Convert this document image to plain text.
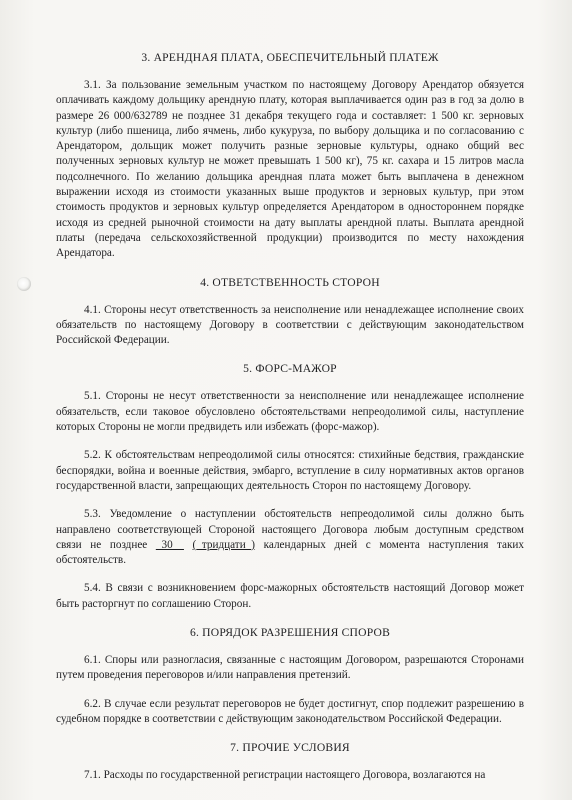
3. АРЕНДНАЯ ПЛАТА, ОБЕСПЕЧИТЕЛЬНЫЙ ПЛАТЕЖ

3.1. За пользование земельным участком по настоящему Договору Арендатор обязуется оплачивать каждому дольщику арендную плату, которая выплачивается один раз в год за долю в размере 26 000/632789 не позднее 31 декабря текущего года и составляет: 1 500 кг. зерновых культур (либо пшеница, либо ячмень, либо кукуруза, по выбору дольщика и по согласованию с Арендатором, дольщик может получить разные зерновые культуры, однако общий вес полученных зерновых культур не может превышать 1 500 кг), 75 кг. сахара и 15 литров масла подсолнечного. По желанию дольщика арендная плата может быть выплачена в денежном выражении исходя из стоимости указанных выше продуктов и зерновых культур, при этом стоимость продуктов и зерновых культур определяется Арендатором в одностороннем порядке исходя из средней рыночной стоимости на дату выплаты арендной платы. Выплата арендной платы (передача сельскохозяйственной продукции) производится по месту нахождения Арендатора.

4. ОТВЕТСТВЕННОСТЬ СТОРОН

4.1. Стороны несут ответственность за неисполнение или ненадлежащее исполнение своих обязательств по настоящему Договору в соответствии с действующим законодательством Российской Федерации.

5. ФОРС-МАЖОР

5.1. Стороны не несут ответственности за неисполнение или ненадлежащее исполнение обязательств, если таковое обусловлено обстоятельствами непреодолимой силы, наступление которых Стороны не могли предвидеть или избежать (форс-мажор).

5.2. К обстоятельствам непреодолимой силы относятся: стихийные бедствия, гражданские беспорядки, война и военные действия, эмбарго, вступление в силу нормативных актов органов государственной власти, запрещающих деятельность Сторон по настоящему Договору.

5.3. Уведомление о наступлении обстоятельств непреодолимой силы должно быть направлено соответствующей Стороной настоящего Договора любым доступным средством связи не позднее _30__ (_тридцати_) календарных дней с момента наступления таких обстоятельств.

5.4. В связи с возникновением форс-мажорных обстоятельств настоящий Договор может быть расторгнут по соглашению Сторон.

6. ПОРЯДОК РАЗРЕШЕНИЯ СПОРОВ

6.1. Споры или разногласия, связанные с настоящим Договором, разрешаются Сторонами путем проведения переговоров и/или направления претензий.

6.2. В случае если результат переговоров не будет достигнут, спор подлежит разрешению в судебном порядке в соответствии с действующим законодательством Российской Федерации.

7. ПРОЧИЕ УСЛОВИЯ

7.1. Расходы по государственной регистрации настоящего Договора, возлагаются на
